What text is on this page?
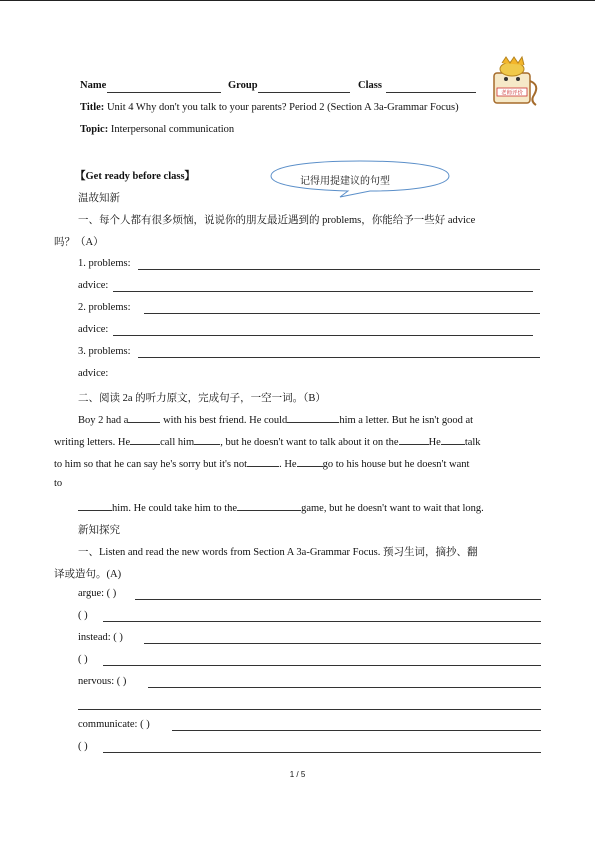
老师评价
Name	Group	Class
Title: Unit 4 Why don't you talk to your parents? Period 2 (Section A 3a-Grammar Focus)
Topic: Interpersonal communication
【Get ready before class】	记得用提建议的句型
温故知新
一、每个人都有很多烦恼，说说你的朋友最近遇到的 problems，你能给予一些好 advice
吗？（A）
1. problems:
advice:
2. problems:
advice:
3. problems:
advice:
二、阅读 2a 的听力原文，完成句子，一空一词。（B）
Boy 2 had a	with his best friend. He could	him a letter. But he isn't good at
writing letters. He	call him , but he doesn't want to talk about it on the	He talk
to him so that he can say he's sorry but it's not	. He go to his house but he doesn't want
to
him. He could take him to the	game, but he doesn't want to wait that long.
新知探究
一、Listen and read the new words from Section A 3a-Grammar Focus. 预习生词，摘抄、翻
译或造句。(A)
argue: ( )
( )
instead: ( )
( )
nervous: ( )
communicate: ( )
( )
1 / 5
